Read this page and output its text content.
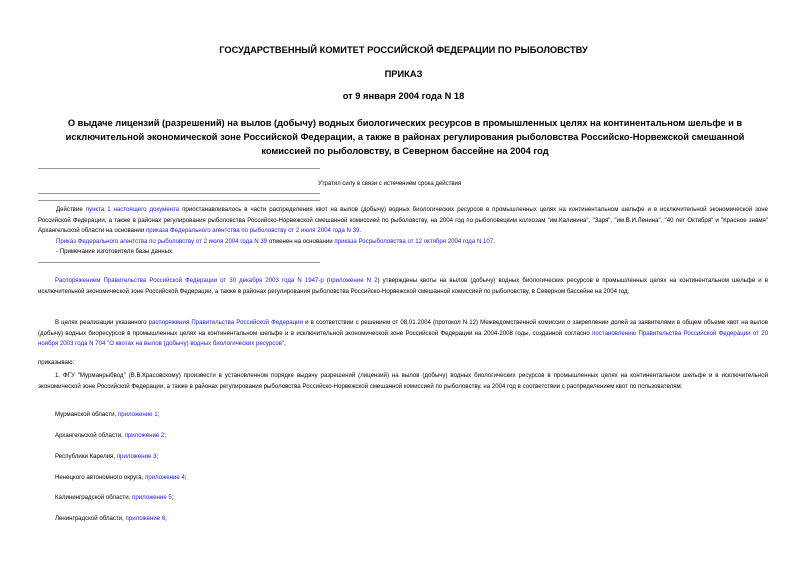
ГОСУДАРСТВЕННЫЙ КОМИТЕТ РОССИЙСКОЙ ФЕДЕРАЦИИ ПО РЫБОЛОВСТВУ
ПРИКАЗ
от 9 января 2004 года N 18
О выдаче лицензий (разрешений) на вылов (добычу) водных биологических ресурсов в промышленных целях на континентальном шельфе и в исключительной экономической зоне Российской Федерации, а также в районах регулирования рыболовства Российско-Норвежской смешанной комиссией по рыболовству, в Северном бассейне на 2004 год
Утратил силу в связи с истечением срока действия
Действие пункта 1 настоящего документа приостанавливалось в части распределения квот на вылов (добычу) водных биологических ресурсов в промышленных целях на континентальном шельфе и в исключительной экономической зоне Российской Федерации, а также в районах регулирования рыболовства Российско-Норвежской смешанной комиссией по рыболовству, на 2004 год по рыболовецким колхозам "им.Калинина", "Заря", "им.В.И.Ленина", "40 лет Октября" и "Красное знамя" Архангельской области на основании приказа Федерального агентства по рыболовству от 2 июля 2004 года N 39.
Приказ Федерального агентства по рыболовству от 2 июля 2004 года N 39 отменен на основании приказа Росрыболовства от 12 октября 2004 года N 107.
- Примечание изготовителя базы данных.
Распоряжением Правительства Российской Федерации от 30 декабря 2003 года N 1947-р (приложение N 2) утверждены квоты на вылов (добычу) водных биологических ресурсов в промышленных целях на континентальном шельфе и в исключительной экономической зоне Российской Федерации, а также в районах регулирования рыболовства Российско-Норвежской смешанной комиссией по рыболовству, в Северном бассейне на 2004 год.
В целях реализации указанного распоряжения Правительства Российской Федерации и в соответствии с решением от 08.01.2004 (протокол N 12) Межведомственной комиссии о закреплении долей за заявителями в общем объеме квот на вылов (добычу) водных биоресурсов в промышленных целях на континентальном шельфе и в исключительной экономической зоне Российской Федерации на 2004-2008 годы, созданной согласно постановлению Правительства Российской Федерации от 20 ноября 2003 года N 704 "О квотах на вылов (добычу) водных биологических ресурсов",
приказываю:
1. ФГУ "Мурманрыбвод" (В.В.Красовскому) произвести в установленном порядке выдачу разрешений (лицензий) на вылов (добычу) водных биологических ресурсов в промышленных целях на континентальном шельфе и в исключительной экономической зоне Российской Федерации, а также в районах регулирования рыболовства Российско-Норвежской смешанной комиссией по рыболовству, на 2004 год в соответствии с распределением квот по пользователям:
Мурманской области, приложение 1;
Архангельской области, приложение 2;
Республики Карелия, приложение 3;
Ненецкого автономного округа, приложение 4;
Калининградской области, приложение 5;
Ленинградской области, приложение 6;
